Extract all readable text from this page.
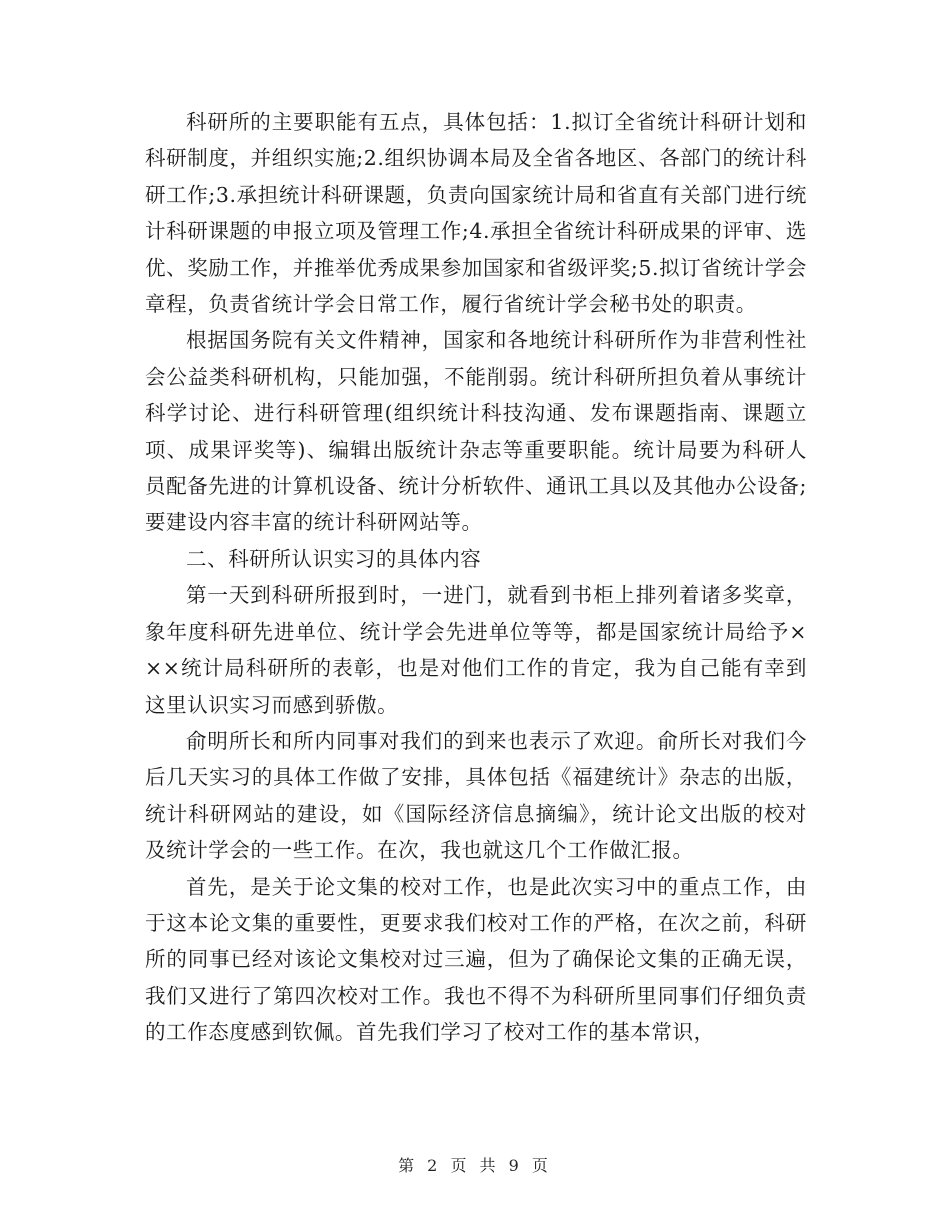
科研所的主要职能有五点，具体包括：1.拟订全省统计科研计划和科研制度，并组织实施;2.组织协调本局及全省各地区、各部门的统计科研工作;3.承担统计科研课题，负责向国家统计局和省直有关部门进行统计科研课题的申报立项及管理工作;4.承担全省统计科研成果的评审、选优、奖励工作，并推举优秀成果参加国家和省级评奖;5.拟订省统计学会章程，负责省统计学会日常工作，履行省统计学会秘书处的职责。

根据国务院有关文件精神，国家和各地统计科研所作为非营利性社会公益类科研机构，只能加强，不能削弱。统计科研所担负着从事统计科学讨论、进行科研管理(组织统计科技沟通、发布课题指南、课题立项、成果评奖等)、编辑出版统计杂志等重要职能。统计局要为科研人员配备先进的计算机设备、统计分析软件、通讯工具以及其他办公设备;要建设内容丰富的统计科研网站等。

二、科研所认识实习的具体内容

第一天到科研所报到时，一进门，就看到书柜上排列着诸多奖章，象年度科研先进单位、统计学会先进单位等等，都是国家统计局给予×××统计局科研所的表彰，也是对他们工作的肯定，我为自己能有幸到这里认识实习而感到骄傲。

俞明所长和所内同事对我们的到来也表示了欢迎。俞所长对我们今后几天实习的具体工作做了安排，具体包括《福建统计》杂志的出版，统计科研网站的建设，如《国际经济信息摘编》，统计论文出版的校对及统计学会的一些工作。在次，我也就这几个工作做汇报。

首先，是关于论文集的校对工作，也是此次实习中的重点工作，由于这本论文集的重要性，更要求我们校对工作的严格，在次之前，科研所的同事已经对该论文集校对过三遍，但为了确保论文集的正确无误，我们又进行了第四次校对工作。我也不得不为科研所里同事们仔细负责的工作态度感到钦佩。首先我们学习了校对工作的基本常识，

第 2 页 共 9 页
